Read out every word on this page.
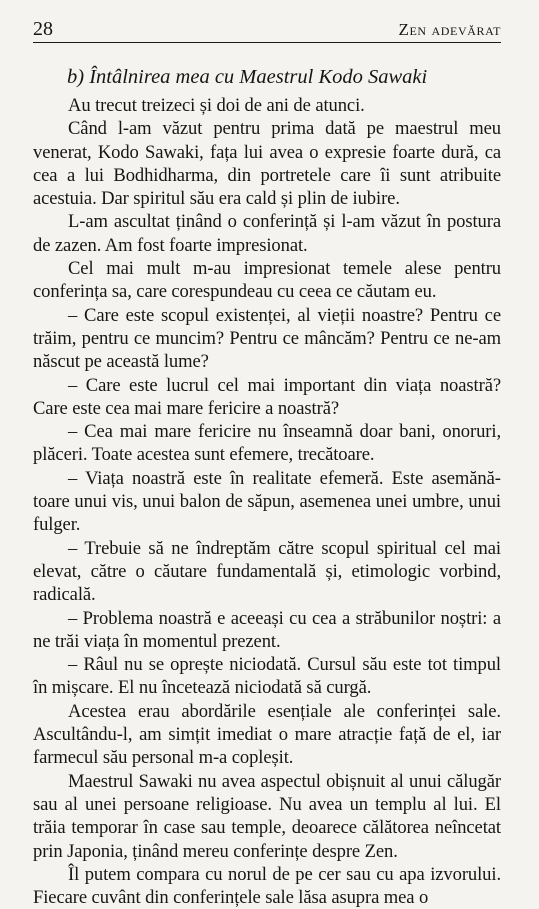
28	Zen adevărat
b) Întâlnirea mea cu Maestrul Kodo Sawaki

Au trecut treizeci și doi de ani de atunci.

Când l-am văzut pentru prima dată pe maestrul meu venerat, Kodo Sawaki, fața lui avea o expresie foarte dură, ca cea a lui Bodhidharma, din portretele care îi sunt atribuite acestuia. Dar spiritul său era cald și plin de iubire.

L-am ascultat ținând o conferință și l-am văzut în postura de zazen. Am fost foarte impresionat.

Cel mai mult m-au impresionat temele alese pentru conferința sa, care corespundeau cu ceea ce căutam eu.

– Care este scopul existenței, al vieții noastre? Pentru ce trăim, pentru ce muncim? Pentru ce mâncăm? Pentru ce ne-am născut pe această lume?

– Care este lucrul cel mai important din viața noastră? Care este cea mai mare fericire a noastră?

– Cea mai mare fericire nu înseamnă doar bani, onoruri, plăceri. Toate acestea sunt efemere, trecătoare.

– Viața noastră este în realitate efemeră. Este asemănătoare unui vis, unui balon de săpun, asemenea unei umbre, unui fulger.

– Trebuie să ne îndreptăm către scopul spiritual cel mai elevat, către o căutare fundamentală și, etimologic vorbind, radicală.

– Problema noastră e aceeași cu cea a străbunilor noștri: a ne trăi viața în momentul prezent.

– Râul nu se oprește niciodată. Cursul său este tot timpul în mișcare. El nu încetează niciodată să curgă.

Acestea erau abordările esențiale ale conferinței sale. Ascultându-l, am simțit imediat o mare atracție față de el, iar farmecul său personal m-a copleșit.

Maestrul Sawaki nu avea aspectul obișnuit al unui călugăr sau al unei persoane religioase. Nu avea un templu al lui. El trăia temporar în case sau temple, deoarece călătorea neîncetat prin Japonia, ținând mereu conferințe despre Zen.

Îl putem compara cu norul de pe cer sau cu apa izvorului. Fiecare cuvânt din conferințele sale lăsa asupra mea o
